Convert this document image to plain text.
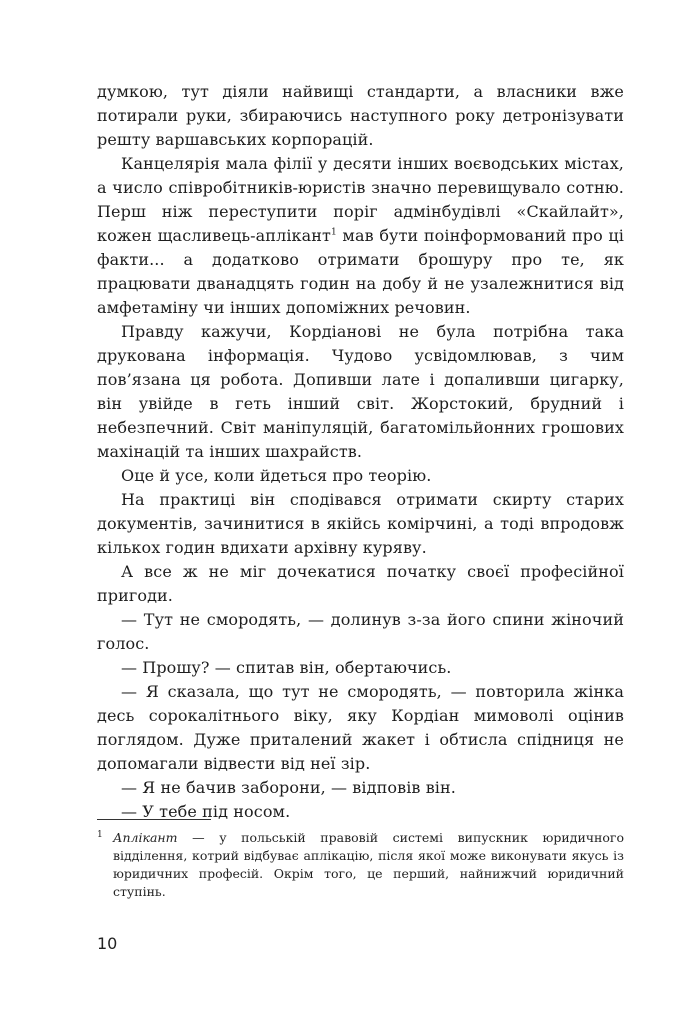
думкою, тут діяли найвищі стандарти, а власники вже потирали руки, збираючись наступного року детронізувати решту варшавських корпорацій.

Канцелярія мала філії у десяти інших воєводських містах, а число співробітників-юристів значно перевищувало сотню. Перш ніж переступити поріг адмінбудівлі «Скайлайт», кожен щасливець-аплікант$^1$ мав бути поінформований про ці факти... а додатково отримати брошуру про те, як працювати дванадцять годин на добу й не узалежнитися від амфетаміну чи інших допоміжних речовин.

Правду кажучи, Кордіанові не була потрібна така друкована інформація. Чудово усвідомлював, з чим пов’язана ця робота. Допивши лате і допаливши цигарку, він увійде в геть інший світ. Жорстокий, брудний і небезпечний. Світ маніпуляцій, багатомільйонних грошових махінацій та інших шахрайств.

Оце й усе, коли йдеться про теорію.

На практиці він сподівався отримати скирту старих документів, зачинитися в якійсь комірчині, а тоді впродовж кількох годин вдихати архівну куряву.

А все ж не міг дочекатися початку своєї професійної пригоди.

— Тут не смородять, — долинув з-за його спини жіночий голос.

— Прошу? — спитав він, обертаючись.

— Я сказала, що тут не смородять, — повторила жінка десь сорокалітнього віку, яку Кордіан мимоволі оцінив поглядом. Дуже приталений жакет і обтисла спідниця не допомагали відвести від неї зір.

— Я не бачив заборони, — відповів він.

— У тебе під носом.

1 Аплікант — у польській правовій системі випускник юридичного відділення, котрий відбуває аплікацію, після якої може виконувати якусь із юридичних професій. Окрім того, це перший, найнижчий юридичний ступінь.

10
